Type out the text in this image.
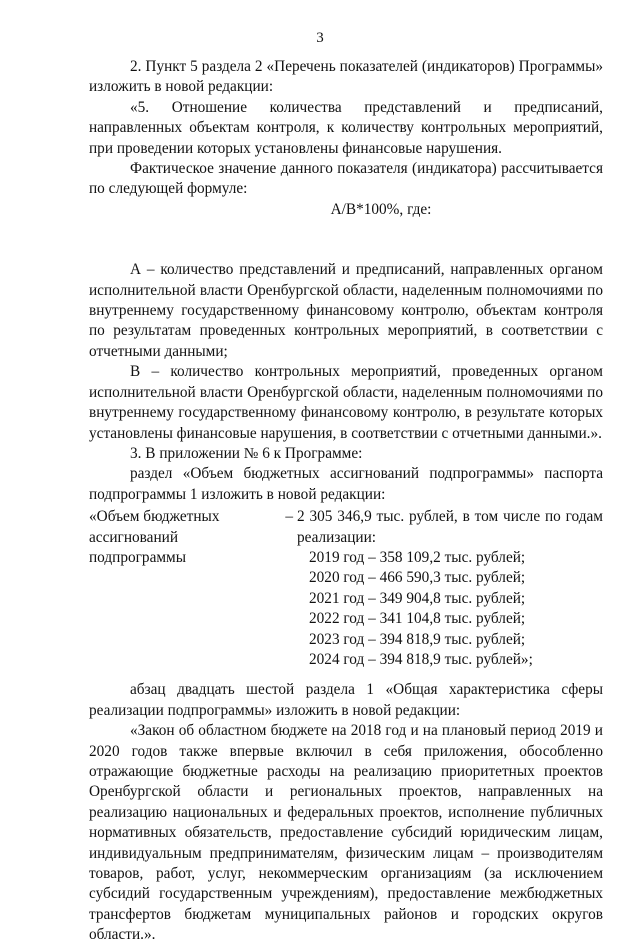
3

2. Пункт 5 раздела 2 «Перечень показателей (индикаторов) Программы» изложить в новой редакции:

«5. Отношение количества представлений и предписаний, направленных объектам контроля, к количеству контрольных мероприятий, при проведении которых установлены финансовые нарушения.

Фактическое значение данного показателя (индикатора) рассчитывается по следующей формуле:

А/В*100%, где:

А – количество представлений и предписаний, направленных органом исполнительной власти Оренбургской области, наделенным полномочиями по внутреннему государственному финансовому контролю, объектам контроля по результатам проведенных контрольных мероприятий, в соответствии с отчетными данными;

В – количество контрольных мероприятий, проведенных органом исполнительной власти Оренбургской области, наделенным полномочиями по внутреннему государственному финансовому контролю, в результате которых установлены финансовые нарушения, в соответствии с отчетными данными.».

3. В приложении № 6 к Программе:

раздел «Объем бюджетных ассигнований подпрограммы» паспорта подпрограммы 1 изложить в новой редакции:

«Объем бюджетных ассигнований подпрограммы
– 2 305 346,9 тыс. рублей, в том числе по годам реализации:
2019 год – 358 109,2 тыс. рублей;
2020 год – 466 590,3 тыс. рублей;
2021 год – 349 904,8 тыс. рублей;
2022 год – 341 104,8 тыс. рублей;
2023 год – 394 818,9 тыс. рублей;
2024 год – 394 818,9 тыс. рублей»;

абзац двадцать шестой раздела 1 «Общая характеристика сферы реализации подпрограммы» изложить в новой редакции:

«Закон об областном бюджете на 2018 год и на плановый период 2019 и 2020 годов также впервые включил в себя приложения, обособленно отражающие бюджетные расходы на реализацию приоритетных проектов Оренбургской области и региональных проектов, направленных на реализацию национальных и федеральных проектов, исполнение публичных нормативных обязательств, предоставление субсидий юридическим лицам, индивидуальным предпринимателям, физическим лицам – производителям товаров, работ, услуг, некоммерческим организациям (за исключением субсидий государственным учреждениям), предоставление межбюджетных трансфертов бюджетам муниципальных районов и городских округов области.».
